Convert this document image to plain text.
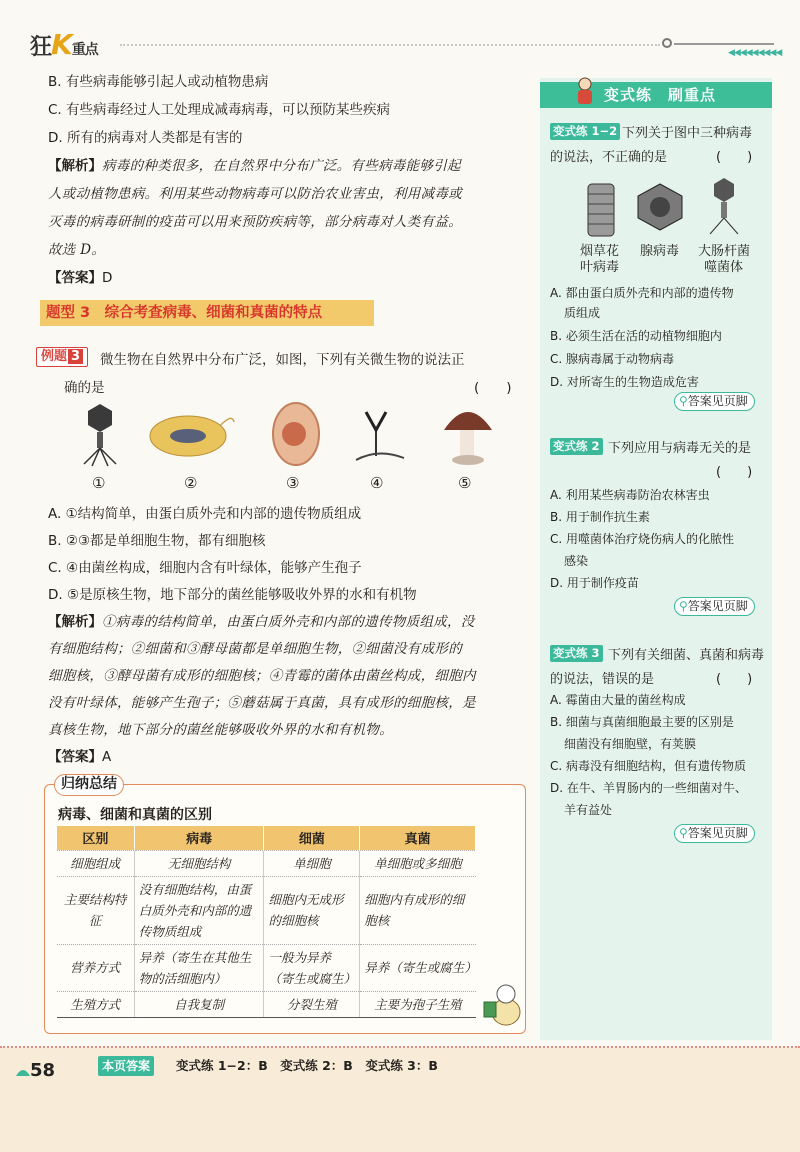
狂K重点	◀◀◀◀◀◀◀◀◀
B. 有些病毒能够引起人或动植物患病
C. 有些病毒经过人工处理成减毒病毒，可以预防某些疾病
D. 所有的病毒对人类都是有害的
【解析】病毒的种类很多，在自然界中分布广泛。有些病毒能够引起
人或动植物患病。利用某些动物病毒可以防治农业害虫，利用减毒或
灭毒的病毒研制的疫苗可以用来预防疾病等，部分病毒对人类有益。
故选 D。
【答案】D
题型 3　综合考查病毒、细菌和真菌的特点
例题 3	微生物在自然界中分布广泛，如图，下列有关微生物的说法正
确的是	(　　)
①	②	③	④	⑤
A. ①结构简单，由蛋白质外壳和内部的遗传物质组成
B. ②③都是单细胞生物，都有细胞核
C. ④由菌丝构成，细胞内含有叶绿体，能够产生孢子
D. ⑤是原核生物，地下部分的菌丝能够吸收外界的水和有机物
【解析】①病毒的结构简单，由蛋白质外壳和内部的遗传物质组成，没
有细胞结构；②细菌和③酵母菌都是单细胞生物，②细菌没有成形的
细胞核，③酵母菌有成形的细胞核；④青霉的菌体由菌丝构成，细胞内
没有叶绿体，能够产生孢子；⑤蘑菇属于真菌，具有成形的细胞核，是
真核生物，地下部分的菌丝能够吸收外界的水和有机物。
【答案】A
归纳总结
病毒、细菌和真菌的区别
区别	病毒	细菌	真菌
细胞组成	无细胞结构	单细胞	单细胞或多细胞
主要结构特征	没有细胞结构，由蛋白质外壳和内部的遗传物质组成	细胞内无成形的细胞核	细胞内有成形的细胞核
营养方式	异养（寄生在其他生物的活细胞内）	一般为异养（寄生或腐生）	异养（寄生或腐生）
生殖方式	自我复制	分裂生殖	主要为孢子生殖
变式练　刷重点
变式练 1−2 下列关于图中三种病毒
的说法，不正确的是	(　　)
烟草花
叶病毒
腺病毒 大肠杆菌
噬菌体
A. 都由蛋白质外壳和内部的遗传物
质组成
B. 必须生活在活的动植物细胞内
C. 腺病毒属于动物病毒
D. 对所寄生的生物造成危害
⚲答案见页脚
变式练 2 下列应用与病毒无关的是
(　　)
A. 利用某些病毒防治农林害虫
B. 用于制作抗生素
C. 用噬菌体治疗烧伤病人的化脓性
感染
D. 用于制作疫苗
⚲答案见页脚
变式练 3 下列有关细菌、真菌和病毒
的说法，错误的是	(　　)
A. 霉菌由大量的菌丝构成
B. 细菌与真菌细胞最主要的区别是
细菌没有细胞壁，有荚膜
C. 病毒没有细胞结构，但有遗传物质
D. 在牛、羊胃肠内的一些细菌对牛、
羊有益处
⚲答案见页脚
58	本页答案	变式练 1−2：B　变式练 2：B　变式练 3：B
